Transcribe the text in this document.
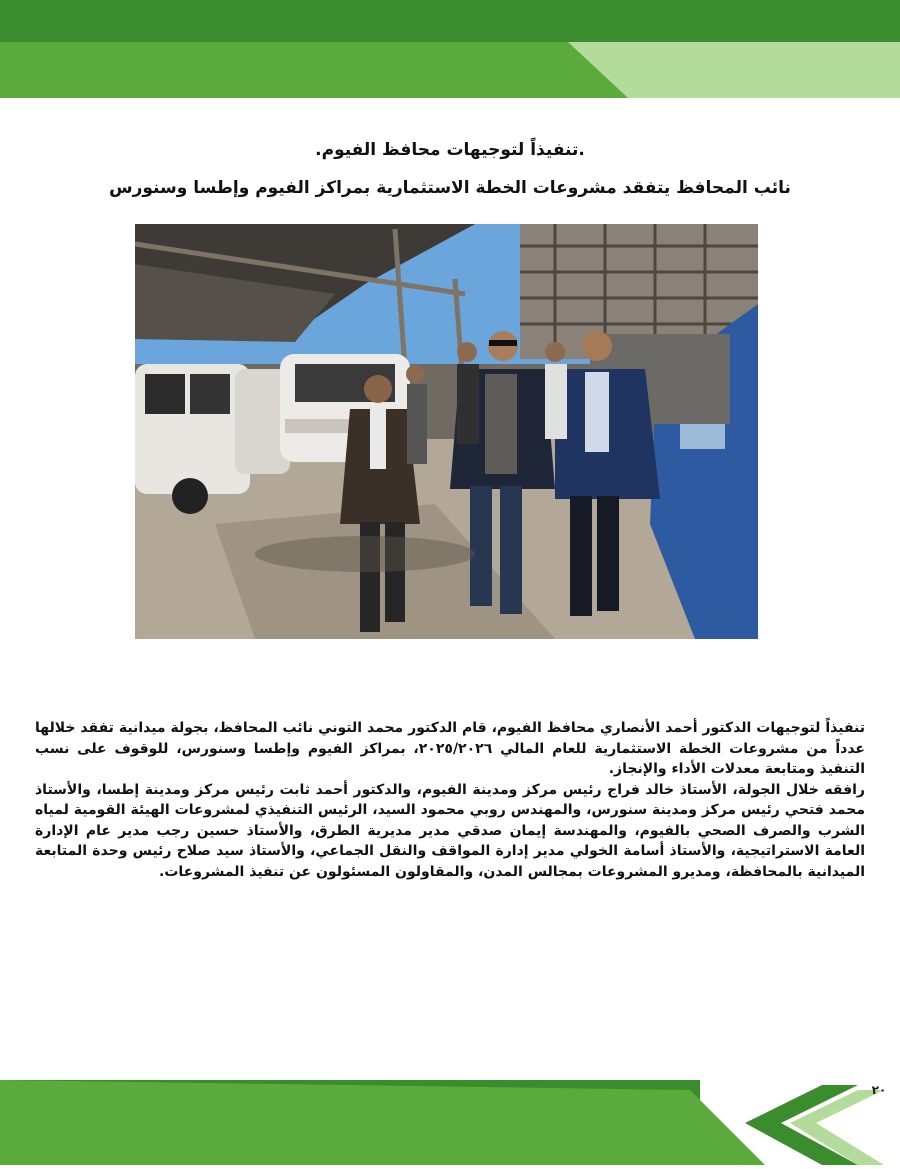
.تنفيذاً لتوجيهات محافظ الفيوم.
نائب المحافظ يتفقد مشروعات الخطة الاستثمارية بمراكز الفيوم وإطسا وسنورس

تنفيذاً لتوجيهات الدكتور أحمد الأنصاري محافظ الفيوم، قام الدكتور محمد التوني نائب المحافظ، بجولة ميدانية تفقد خلالها عدداً من مشروعات الخطة الاستثمارية للعام المالي ٢٠٢٥/٢٠٢٦، بمراكز الفيوم وإطسا وسنورس، للوقوف على نسب التنفيذ ومتابعة معدلات الأداء والإنجاز.

رافقه خلال الجولة، الأستاذ خالد فراج رئيس مركز ومدينة الفيوم، والدكتور أحمد ثابت رئيس مركز ومدينة إطسا، والأستاذ محمد فتحي رئيس مركز ومدينة سنورس، والمهندس روبي محمود السيد، الرئيس التنفيذي لمشروعات الهيئة القومية لمياه الشرب والصرف الصحي بالفيوم، والمهندسة إيمان صدقي مدير مديرية الطرق، والأستاذ حسين رجب مدير عام الإدارة العامة الاستراتيجية، والأستاذ أسامة الخولي مدير إدارة المواقف والنقل الجماعي، والأستاذ سيد صلاح رئيس وحدة المتابعة الميدانية بالمحافظة، ومديرو المشروعات بمجالس المدن، والمقاولون المسئولون عن تنفيذ المشروعات.

٢٠
